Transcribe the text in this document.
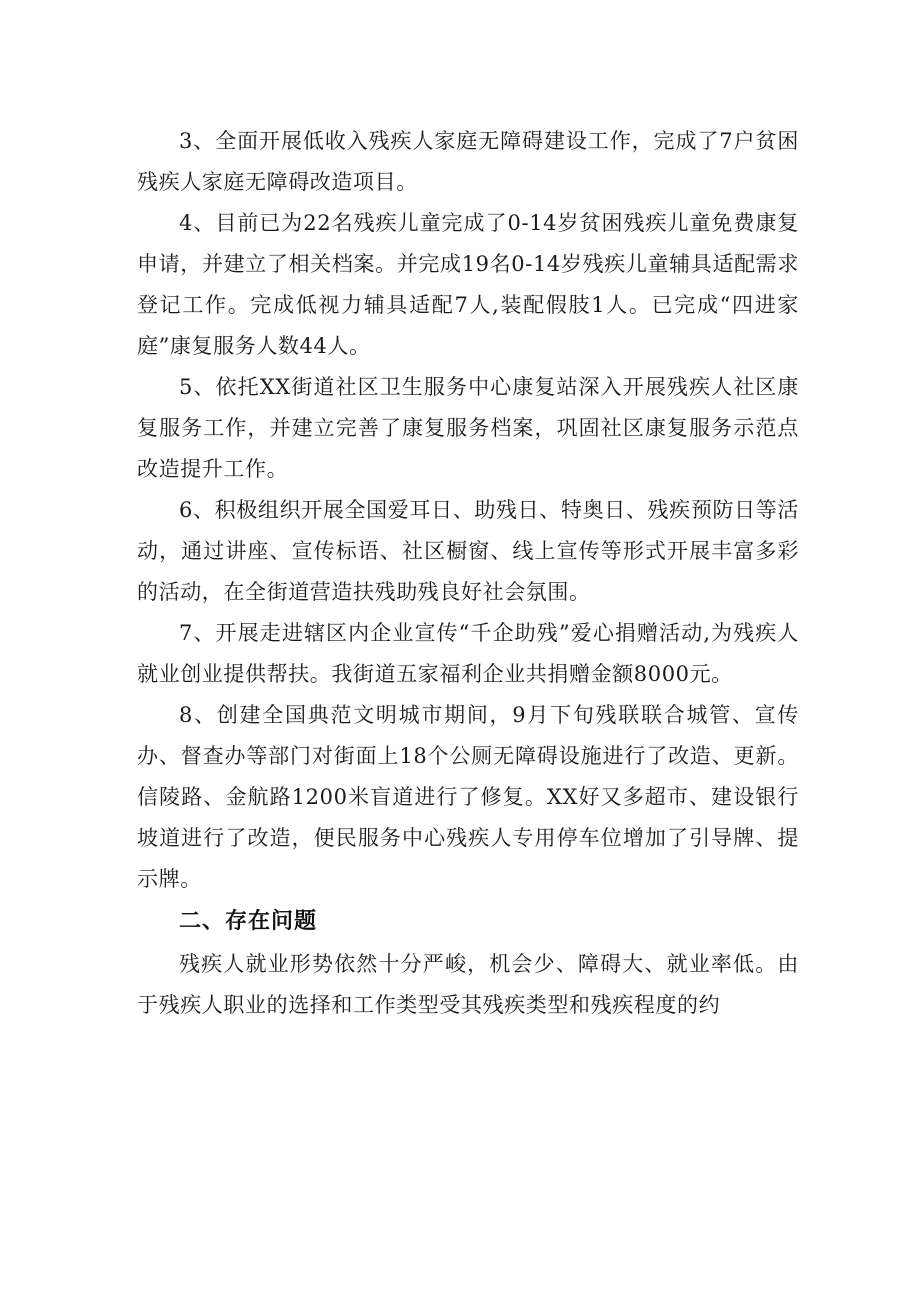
3、全面开展低收入残疾人家庭无障碍建设工作，完成了7户贫困残疾人家庭无障碍改造项目。

4、目前已为22名残疾儿童完成了0-14岁贫困残疾儿童免费康复申请，并建立了相关档案。并完成19名0-14岁残疾儿童辅具适配需求登记工作。完成低视力辅具适配7人,装配假肢1人。已完成“四进家庭”康复服务人数44人。

5、依托XX街道社区卫生服务中心康复站深入开展残疾人社区康复服务工作，并建立完善了康复服务档案，巩固社区康复服务示范点改造提升工作。

6、积极组织开展全国爱耳日、助残日、特奥日、残疾预防日等活动，通过讲座、宣传标语、社区橱窗、线上宣传等形式开展丰富多彩的活动，在全街道营造扶残助残良好社会氛围。

7、开展走进辖区内企业宣传“千企助残”爱心捐赠活动,为残疾人就业创业提供帮扶。我街道五家福利企业共捐赠金额8000元。

8、创建全国典范文明城市期间，9月下旬残联联合城管、宣传办、督查办等部门对街面上18个公厕无障碍设施进行了改造、更新。信陵路、金航路1200米盲道进行了修复。XX好又多超市、建设银行坡道进行了改造，便民服务中心残疾人专用停车位增加了引导牌、提示牌。

二、存在问题

残疾人就业形势依然十分严峻，机会少、障碍大、就业率低。由于残疾人职业的选择和工作类型受其残疾类型和残疾程度的约
